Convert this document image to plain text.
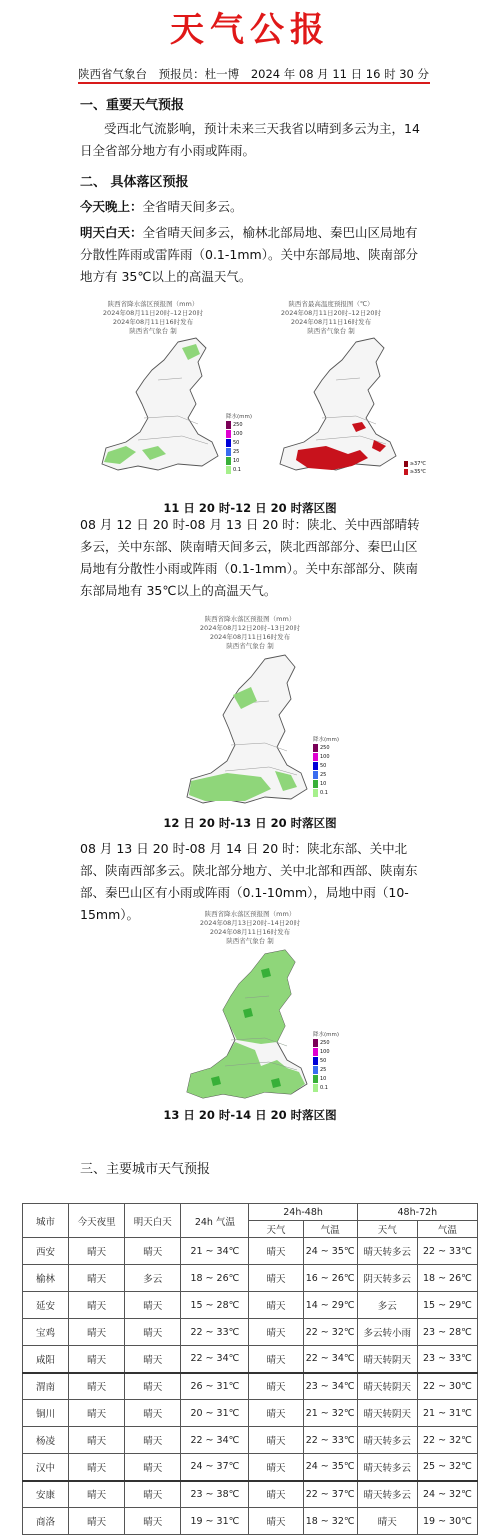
天气公报
陕西省气象台 预报员：杜一博 2024 年 08 月 11 日 16 时 30 分
一、重要天气预报
受西北气流影响，预计未来三天我省以晴到多云为主，14 日全省部分地方有小雨或阵雨。
二、 具体落区预报
今天晚上：全省晴天间多云。
明天白天：全省晴天间多云，榆林北部局地、秦巴山区局地有分散性阵雨或雷阵雨（0.1-1mm）。关中东部局地、陕南部分地方有 35℃以上的高温天气。
陕西省降水落区预报图（mm）
2024年08月11日20时–12日20时
2024年08月11日16时发布
陕西省气象台 制
降水(mm)
250
100
50
25
10
0.1
陕西省最高温度预报图（℃）
2024年08月11日20时–12日20时
2024年08月11日16时发布
陕西省气象台 制
≥37℃
≥35℃
11 日 20 时-12 日 20 时落区图
08 月 12 日 20 时-08 月 13 日 20 时：陕北、关中西部晴转多云，关中东部、陕南晴天间多云，陕北西部部分、秦巴山区局地有分散性小雨或阵雨（0.1-1mm）。关中东部部分、陕南东部局地有 35℃以上的高温天气。
陕西省降水落区预报图（mm）
2024年08月12日20时–13日20时
2024年08月11日16时发布
陕西省气象台 制
降水(mm)
250
100
50
25
10
0.1
12 日 20 时-13 日 20 时落区图
08 月 13 日 20 时-08 月 14 日 20 时：陕北东部、关中北部、陕南西部多云。陕北部分地方、关中北部和西部、陕南东部、秦巴山区有小雨或阵雨（0.1-10mm），局地中雨（10-15mm）。	陕西省降水落区预报图（mm）
2024年08月13日20时–14日20时
2024年08月11日16时发布
陕西省气象台 制
降水(mm)
250
100
50
25
10
0.1
13 日 20 时-14 日 20 时落区图
三、主要城市天气预报
城市	今天夜里	明天白天	24h 气温	24h-48h		48h-72h	
				天气	气温	天气	气温
西安	晴天	晴天	21 ~ 34℃	晴天	24 ~ 35℃	晴天转多云	22 ~ 33℃
榆林	晴天	多云	18 ~ 26℃	晴天	16 ~ 26℃	阴天转多云	18 ~ 26℃
延安	晴天	晴天	15 ~ 28℃	晴天	14 ~ 29℃	多云	15 ~ 29℃
宝鸡	晴天	晴天	22 ~ 33℃	晴天	22 ~ 32℃	多云转小雨	23 ~ 28℃
咸阳	晴天	晴天	22 ~ 34℃	晴天	22 ~ 34℃	晴天转阴天	23 ~ 33℃
渭南	晴天	晴天	26 ~ 31℃	晴天	23 ~ 34℃	晴天转阴天	22 ~ 30℃
铜川	晴天	晴天	20 ~ 31℃	晴天	21 ~ 32℃	晴天转阴天	21 ~ 31℃
杨凌	晴天	晴天	22 ~ 34℃	晴天	22 ~ 33℃	晴天转多云	22 ~ 32℃
汉中	晴天	晴天	24 ~ 37℃	晴天	24 ~ 35℃	晴天转多云	25 ~ 32℃
安康	晴天	晴天	23 ~ 38℃	晴天	22 ~ 37℃	晴天转多云	24 ~ 32℃
商洛	晴天	晴天	19 ~ 31℃	晴天	18 ~ 32℃	晴天	19 ~ 30℃
